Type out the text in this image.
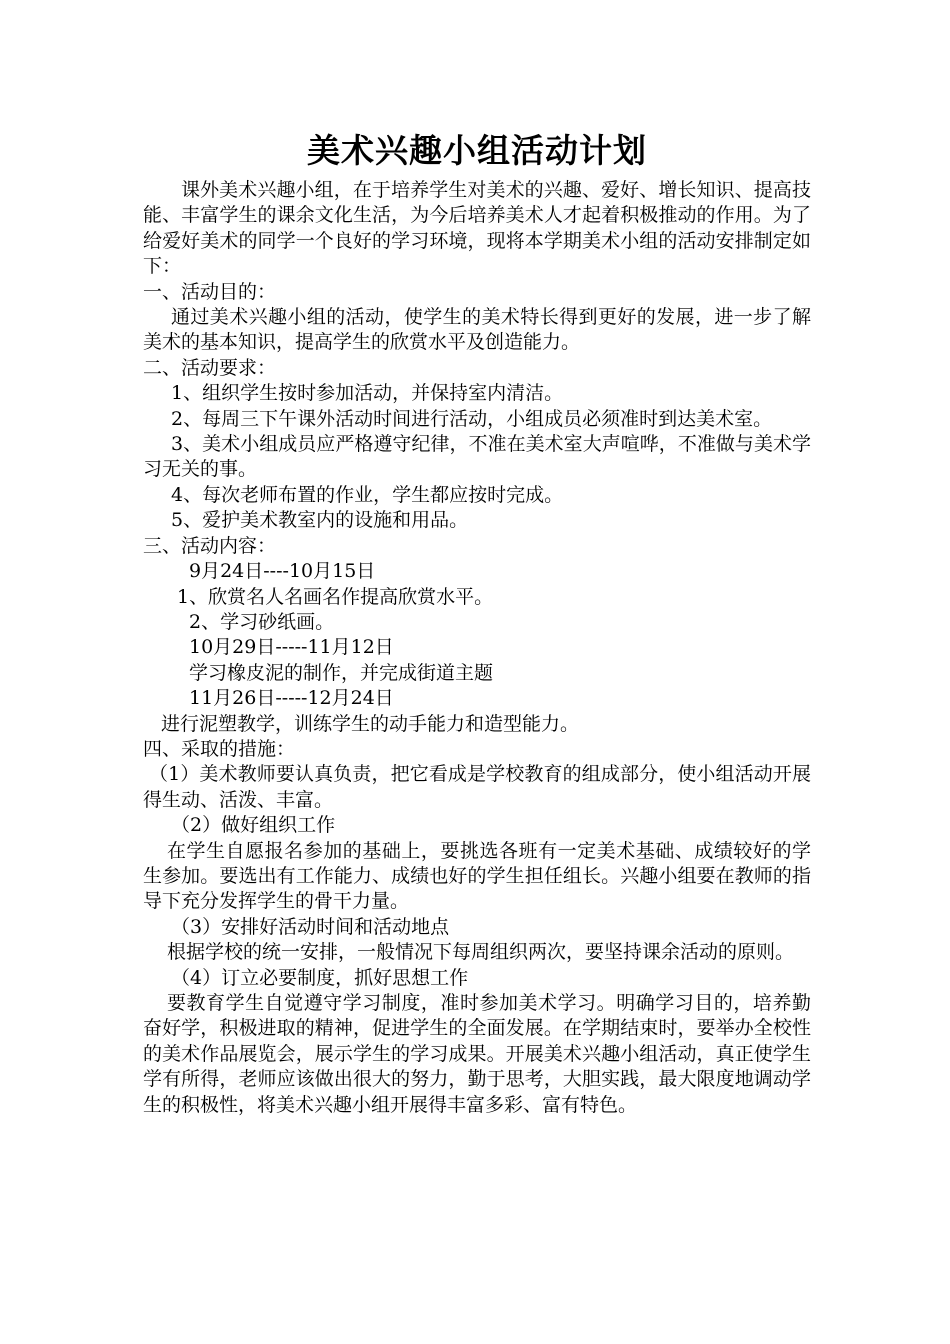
美术兴趣小组活动计划

课外美术兴趣小组，在于培养学生对美术的兴趣、爱好、增长知识、提高技能、丰富学生的课余文化生活，为今后培养美术人才起着积极推动的作用。为了给爱好美术的同学一个良好的学习环境，现将本学期美术小组的活动安排制定如下：

一、活动目的：

通过美术兴趣小组的活动，使学生的美术特长得到更好的发展，进一步了解美术的基本知识，提高学生的欣赏水平及创造能力。

二、活动要求：

1、组织学生按时参加活动，并保持室内清洁。

2、每周三下午课外活动时间进行活动，小组成员必须准时到达美术室。

3、美术小组成员应严格遵守纪律，不准在美术室大声喧哗，不准做与美术学习无关的事。

4、每次老师布置的作业，学生都应按时完成。

5、爱护美术教室内的设施和用品。

三、活动内容：

9月24日----10月15日

1、欣赏名人名画名作提高欣赏水平。

2、学习砂纸画。

10月29日-----11月12日

学习橡皮泥的制作，并完成街道主题

11月26日-----12月24日

进行泥塑教学，训练学生的动手能力和造型能力。

四、采取的措施：

（1）美术教师要认真负责，把它看成是学校教育的组成部分，使小组活动开展得生动、活泼、丰富。

（2）做好组织工作

在学生自愿报名参加的基础上，要挑选各班有一定美术基础、成绩较好的学生参加。要选出有工作能力、成绩也好的学生担任组长。兴趣小组要在教师的指导下充分发挥学生的骨干力量。

（3）安排好活动时间和活动地点

根据学校的统一安排，一般情况下每周组织两次，要坚持课余活动的原则。

（4）订立必要制度，抓好思想工作

要教育学生自觉遵守学习制度，准时参加美术学习。明确学习目的，培养勤奋好学，积极进取的精神，促进学生的全面发展。在学期结束时，要举办全校性的美术作品展览会，展示学生的学习成果。开展美术兴趣小组活动，真正使学生学有所得，老师应该做出很大的努力，勤于思考，大胆实践，最大限度地调动学生的积极性，将美术兴趣小组开展得丰富多彩、富有特色。
